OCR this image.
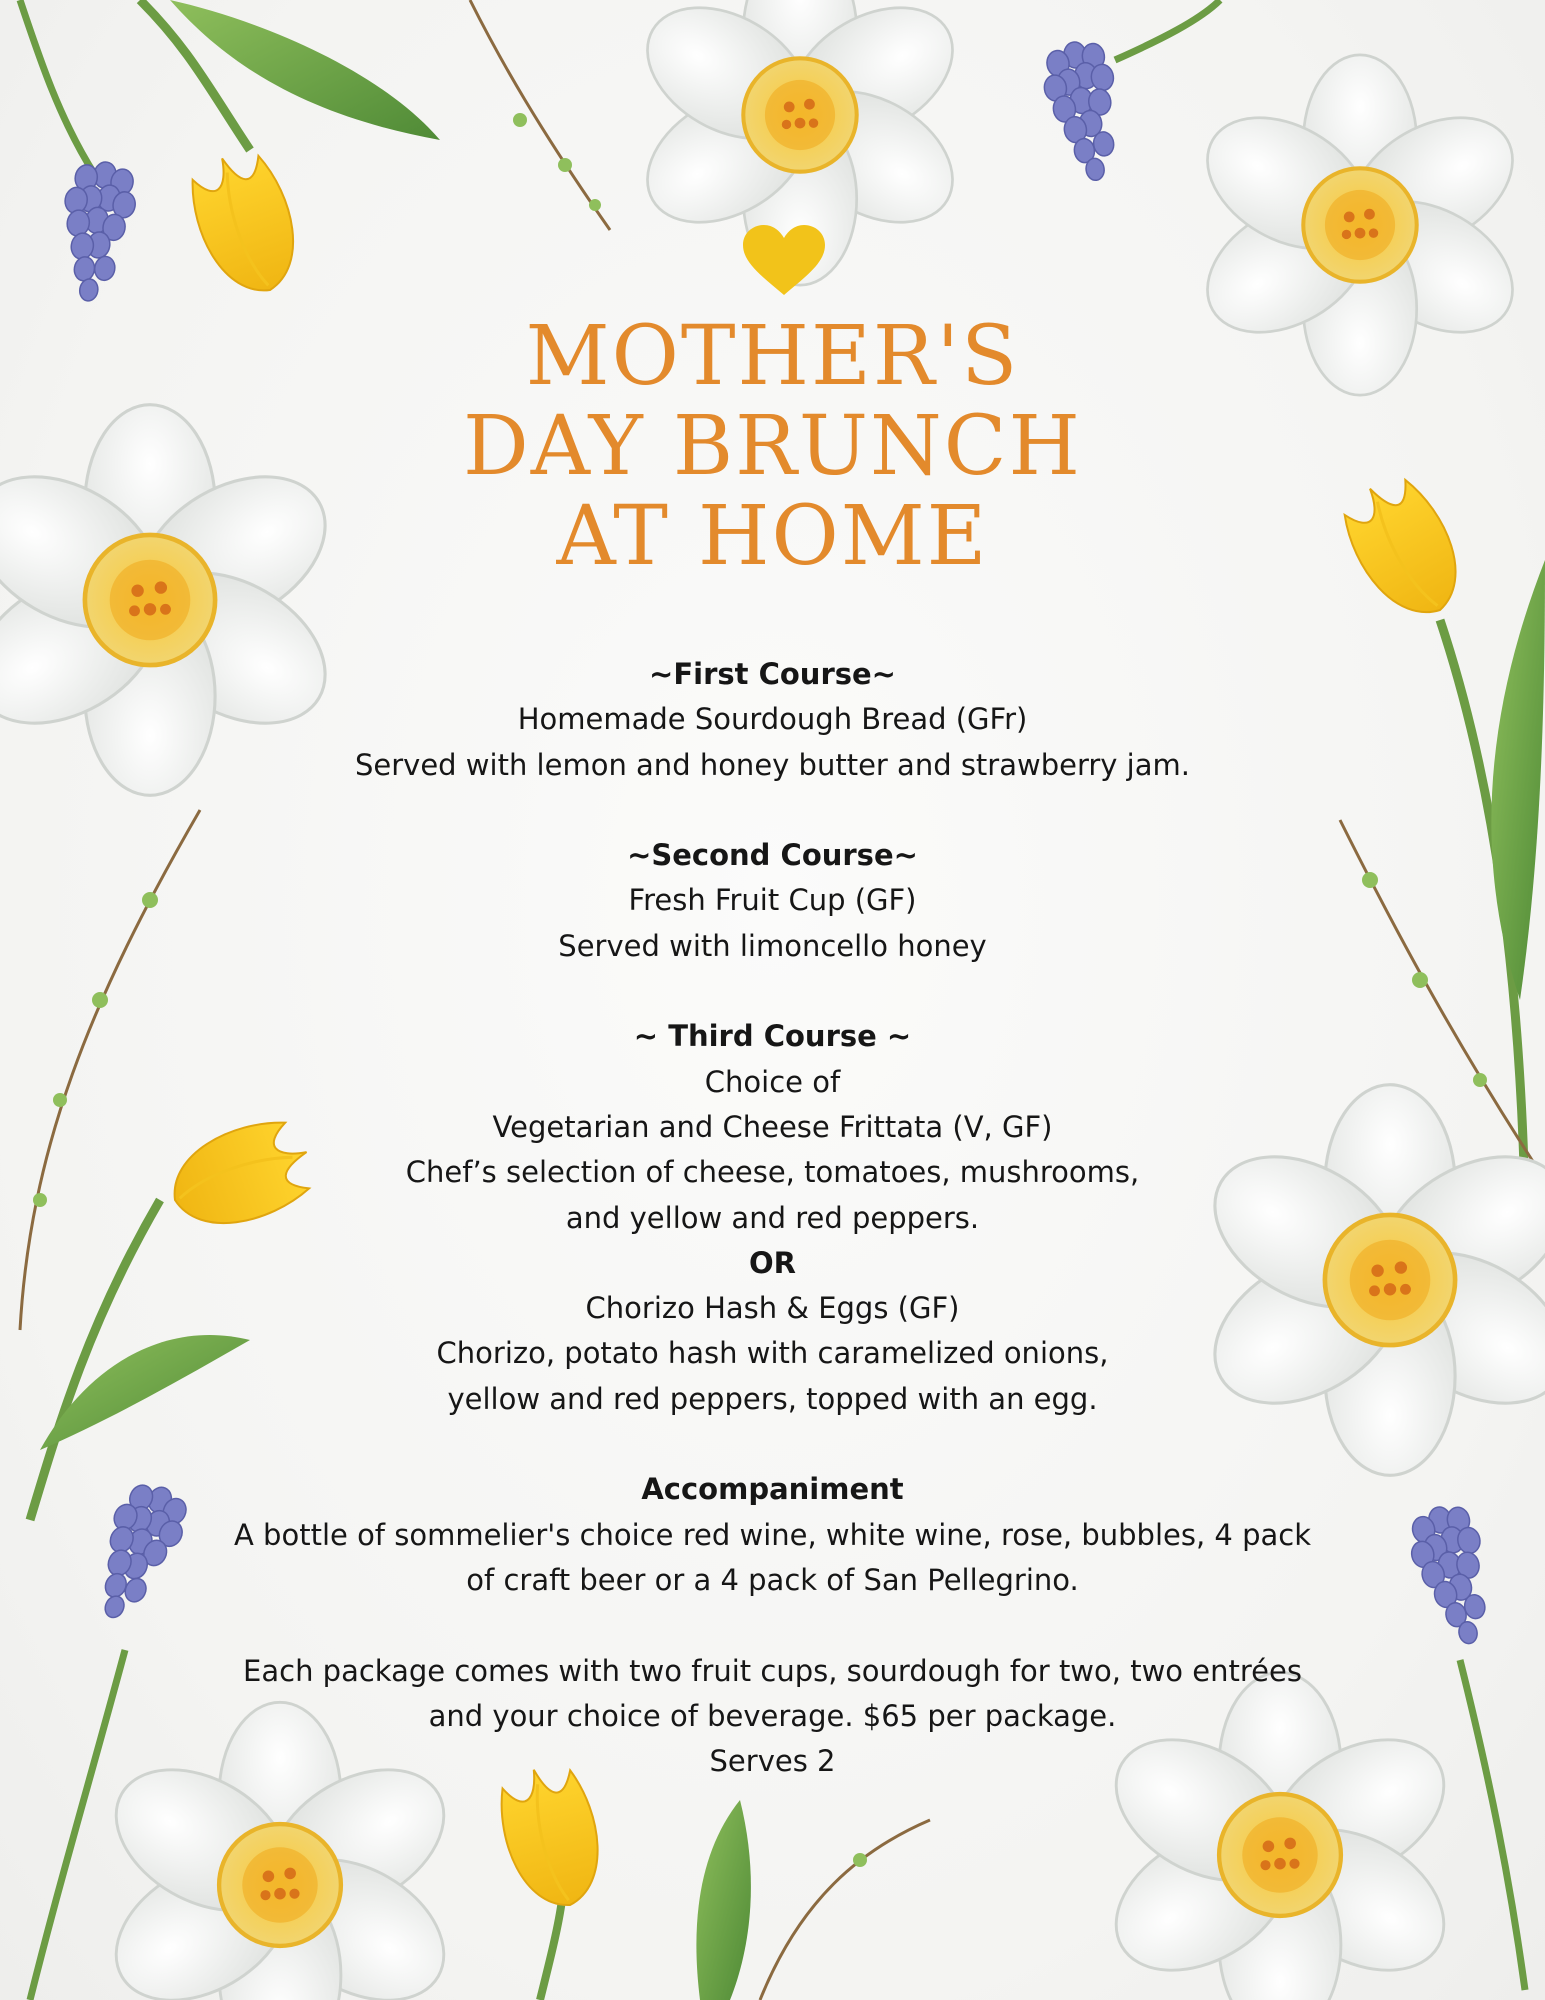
MOTHER'S
DAY BRUNCH
AT HOME
~First Course~
Homemade Sourdough Bread (GFr)
Served with lemon and honey butter and strawberry jam.
~Second Course~
Fresh Fruit Cup (GF)
Served with limoncello honey
~ Third Course ~
Choice of
Vegetarian and Cheese Frittata (V, GF)
Chef’s selection of cheese, tomatoes, mushrooms,
and yellow and red peppers.
OR
Chorizo Hash & Eggs (GF)
Chorizo, potato hash with caramelized onions,
yellow and red peppers, topped with an egg.
Accompaniment
A bottle of sommelier's choice red wine, white wine, rose, bubbles, 4 pack
of craft beer or a 4 pack of San Pellegrino.
Each package comes with two fruit cups, sourdough for two, two entrées
and your choice of beverage. $65 per package.
Serves 2
